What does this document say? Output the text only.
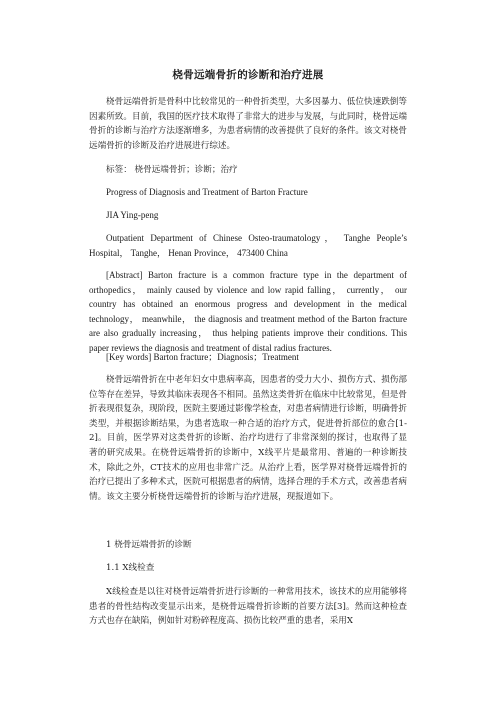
桡骨远端骨折的诊断和治疗进展
桡骨远端骨折是骨科中比较常见的一种骨折类型，大多因暴力、低位快速跌倒等因素所致。目前，我国的医疗技术取得了非常大的进步与发展，与此同时，桡骨远端骨折的诊断与治疗方法逐渐增多，为患者病情的改善提供了良好的条件。该文对桡骨远端骨折的诊断及治疗进展进行综述。
标签： 桡骨远端骨折；诊断；治疗
Progress of Diagnosis and Treatment of Barton Fracture
JIA Ying-peng
Outpatient Department of Chinese Osteo-traumatology， Tanghe People’s Hospital， Tanghe， Henan Province， 473400 China
[Abstract] Barton fracture is a common fracture type in the department of orthopedics， mainly caused by violence and low rapid falling， currently， our country has obtained an enormous progress and development in the medical technology， meanwhile， the diagnosis and treatment method of the Barton fracture are also gradually increasing， thus helping patients improve their conditions. This paper reviews the diagnosis and treatment of distal radius fractures.
[Key words] Barton fracture；Diagnosis；Treatment
桡骨远端骨折在中老年妇女中患病率高，因患者的受力大小、损伤方式、损伤部位等存在差异，导致其临床表现各不相同。虽然这类骨折在临床中比较常见，但是骨折表现很复杂，现阶段，医院主要通过影像学检查，对患者病情进行诊断，明确骨折类型，并根据诊断结果，为患者选取一种合适的治疗方式，促进骨折部位的愈合[1-2]。目前，医学界对这类骨折的诊断、治疗均进行了非常深刻的探讨，也取得了显著的研究成果。在桡骨远端骨折的诊断中，X线平片是最常用、普遍的一种诊断技术，除此之外，CT技术的应用也非常广泛。从治疗上看，医学界对桡骨远端骨折的治疗已提出了多种术式，医院可根据患者的病情，选择合理的手术方式，改善患者病情。该文主要分析桡骨远端骨折的诊断与治疗进展，现报道如下。
1 桡骨远端骨折的诊断
1.1 X线检查
X线检查是以往对桡骨远端骨折进行诊断的一种常用技术，该技术的应用能够将患者的骨性结构改变显示出来，是桡骨远端骨折诊断的首要方法[3]。然而这种检查方式也存在缺陷，例如针对粉碎程度高、损伤比较严重的患者，采用X
